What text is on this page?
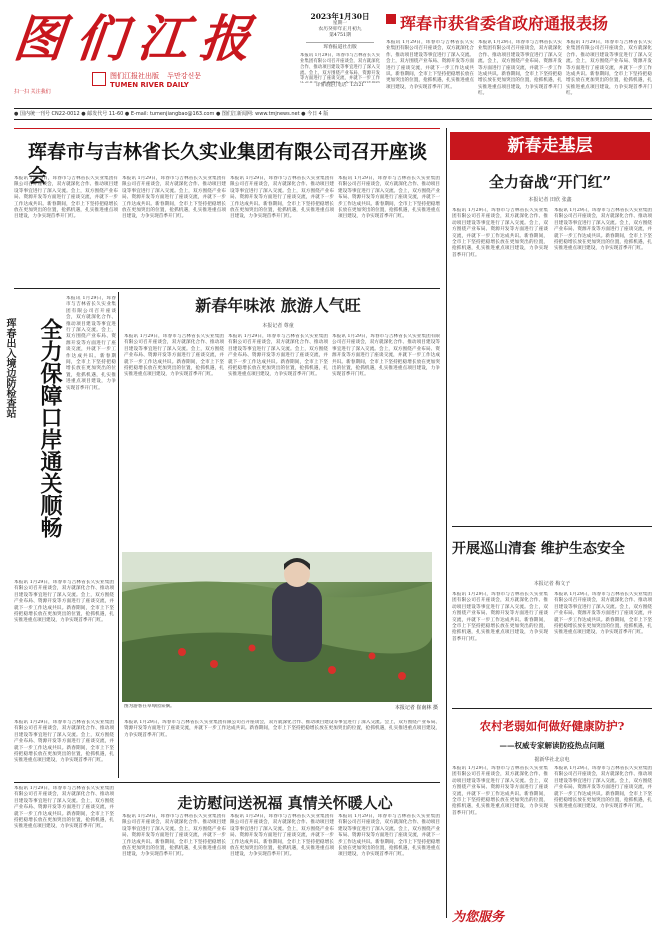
图 们 江 报
图们江报社出版 두만강신문
TUMEN RIVER DAILY
扫一扫 关注我们
2023年1月30日
星期一
农历癸卯年正月初九
第4751期
珲春报道社出版
本报讯 1月29日，珲春市与吉林省长久实业集团有限公司召开座谈会，双方就深化合作、推动项目建设等事宜进行了深入交流。会上，双方围绕产业布局、资源开发等方面进行了座谈交流，并就下一步工作
详情请拨打电话：12121
珲春市获省委省政府通报表扬
本报讯 1月29日，珲春市与吉林省长久实业集团有限公司召开座谈会，双方就深化合作、推动项目建设等事宜进行了深入交流。会上，双方围绕产业布局、资源开发等方面进行了座谈交流，并就下一步工作达成共识。新春期间，全市上下坚持把稳增长放在更加突出的位置，抢抓机遇，扎实推进重点项目建设，力争实现首季开门红。
本报讯 1月29日，珲春市与吉林省长久实业集团有限公司召开座谈会，双方就深化合作、推动项目建设等事宜进行了深入交流。会上，双方围绕产业布局、资源开发等方面进行了座谈交流，并就下一步工作达成共识。新春期间，全市上下坚持把稳增长放在更加突出的位置，抢抓机遇，扎实推进重点项目建设，力争实现首季开门红。
本报讯 1月29日，珲春市与吉林省长久实业集团有限公司召开座谈会，双方就深化合作、推动项目建设等事宜进行了深入交流。会上，双方围绕产业布局、资源开发等方面进行了座谈交流，并就下一步工作达成共识。新春期间，全市上下坚持把稳增长放在更加突出的位置，抢抓机遇，扎实推进重点项目建设，力争实现首季开门红。
● 国内统一刊号 CN22-0012 ● 邮发代号 11-60 ● E-mail: tumenjiangbao@163.com ● 图们江新闻网: www.tmjnews.net ● 今日 4 版
珲春市与吉林省长久实业集团有限公司召开座谈会
本报讯 1月29日，珲春市与吉林省长久实业集团有限公司召开座谈会，双方就深化合作、推动项目建设等事宜进行了深入交流。会上，双方围绕产业布局、资源开发等方面进行了座谈交流，并就下一步工作达成共识。新春期间，全市上下坚持把稳增长放在更加突出的位置，抢抓机遇，扎实推进重点项目建设，力争实现首季开门红。
本报讯 1月29日，珲春市与吉林省长久实业集团有限公司召开座谈会，双方就深化合作、推动项目建设等事宜进行了深入交流。会上，双方围绕产业布局、资源开发等方面进行了座谈交流，并就下一步工作达成共识。新春期间，全市上下坚持把稳增长放在更加突出的位置，抢抓机遇，扎实推进重点项目建设，力争实现首季开门红。
本报讯 1月29日，珲春市与吉林省长久实业集团有限公司召开座谈会，双方就深化合作、推动项目建设等事宜进行了深入交流。会上，双方围绕产业布局、资源开发等方面进行了座谈交流，并就下一步工作达成共识。新春期间，全市上下坚持把稳增长放在更加突出的位置，抢抓机遇，扎实推进重点项目建设，力争实现首季开门红。
本报讯 1月29日，珲春市与吉林省长久实业集团有限公司召开座谈会，双方就深化合作、推动项目建设等事宜进行了深入交流。会上，双方围绕产业布局、资源开发等方面进行了座谈交流，并就下一步工作达成共识。新春期间，全市上下坚持把稳增长放在更加突出的位置，抢抓机遇，扎实推进重点项目建设，力争实现首季开门红。
新春走基层
全力奋战“开门红”
本报记者 田欣 张鑫
本报讯 1月29日，珲春市与吉林省长久实业集团有限公司召开座谈会，双方就深化合作、推动项目建设等事宜进行了深入交流。会上，双方围绕产业布局、资源开发等方面进行了座谈交流，并就下一步工作达成共识。新春期间，全市上下坚持把稳增长放在更加突出的位置，抢抓机遇，扎实推进重点项目建设，力争实现首季开门红。
本报讯 1月29日，珲春市与吉林省长久实业集团有限公司召开座谈会，双方就深化合作、推动项目建设等事宜进行了深入交流。会上，双方围绕产业布局、资源开发等方面进行了座谈交流，并就下一步工作达成共识。新春期间，全市上下坚持把稳增长放在更加突出的位置，抢抓机遇，扎实推进重点项目建设，力争实现首季开门红。
珲春出入境边防检查站	全力保障口岸通关顺畅
本报讯 1月29日，珲春市与吉林省长久实业集团有限公司召开座谈会，双方就深化合作、推动项目建设等事宜进行了深入交流。会上，双方围绕产业布局、资源开发等方面进行了座谈交流，并就下一步工作达成共识。新春期间，全市上下坚持把稳增长放在更加突出的位置，抢抓机遇，扎实推进重点项目建设，力争实现首季开门红。
本报讯 1月29日，珲春市与吉林省长久实业集团有限公司召开座谈会，双方就深化合作、推动项目建设等事宜进行了深入交流。会上，双方围绕产业布局、资源开发等方面进行了座谈交流，并就下一步工作达成共识。新春期间，全市上下坚持把稳增长放在更加突出的位置，抢抓机遇，扎实推进重点项目建设，力争实现首季开门红。
新春年味浓 旅游人气旺
本报记者 尊童
本报讯 1月29日，珲春市与吉林省长久实业集团有限公司召开座谈会，双方就深化合作、推动项目建设等事宜进行了深入交流。会上，双方围绕产业布局、资源开发等方面进行了座谈交流，并就下一步工作达成共识。新春期间，全市上下坚持把稳增长放在更加突出的位置，抢抓机遇，扎实推进重点项目建设，力争实现首季开门红。
本报讯 1月29日，珲春市与吉林省长久实业集团有限公司召开座谈会，双方就深化合作、推动项目建设等事宜进行了深入交流。会上，双方围绕产业布局、资源开发等方面进行了座谈交流，并就下一步工作达成共识。新春期间，全市上下坚持把稳增长放在更加突出的位置，抢抓机遇，扎实推进重点项目建设，力争实现首季开门红。
本报讯 1月29日，珲春市与吉林省长久实业集团有限公司召开座谈会，双方就深化合作、推动项目建设等事宜进行了深入交流。会上，双方围绕产业布局、资源开发等方面进行了座谈交流，并就下一步工作达成共识。新春期间，全市上下坚持把稳增长放在更加突出的位置，抢抓机遇，扎实推进重点项目建设，力争实现首季开门红。
图为游客在草莓园采摘。	本报记者 崔南林 摄
本报讯 1月29日，珲春市与吉林省长久实业集团有限公司召开座谈会，双方就深化合作、推动项目建设等事宜进行了深入交流。会上，双方围绕产业布局、资源开发等方面进行了座谈交流，并就下一步工作达成共识。新春期间，全市上下坚持把稳增长放在更加突出的位置，抢抓机遇，扎实推进重点项目建设，力争实现首季开门红。
本报讯 1月29日，珲春市与吉林省长久实业集团有限公司召开座谈会，双方就深化合作、推动项目建设等事宜进行了深入交流。会上，双方围绕产业布局、资源开发等方面进行了座谈交流，并就下一步工作达成共识。新春期间，全市上下坚持把稳增长放在更加突出的位置，抢抓机遇，扎实推进重点项目建设，力争实现首季开门红。
走访慰问送祝福 真情关怀暖人心
本报讯 1月29日，珲春市与吉林省长久实业集团有限公司召开座谈会，双方就深化合作、推动项目建设等事宜进行了深入交流。会上，双方围绕产业布局、资源开发等方面进行了座谈交流，并就下一步工作达成共识。新春期间，全市上下坚持把稳增长放在更加突出的位置，抢抓机遇，扎实推进重点项目建设，力争实现首季开门红。
本报讯 1月29日，珲春市与吉林省长久实业集团有限公司召开座谈会，双方就深化合作、推动项目建设等事宜进行了深入交流。会上，双方围绕产业布局、资源开发等方面进行了座谈交流，并就下一步工作达成共识。新春期间，全市上下坚持把稳增长放在更加突出的位置，抢抓机遇，扎实推进重点项目建设，力争实现首季开门红。
本报讯 1月29日，珲春市与吉林省长久实业集团有限公司召开座谈会，双方就深化合作、推动项目建设等事宜进行了深入交流。会上，双方围绕产业布局、资源开发等方面进行了座谈交流，并就下一步工作达成共识。新春期间，全市上下坚持把稳增长放在更加突出的位置，抢抓机遇，扎实推进重点项目建设，力争实现首季开门红。
本报讯 1月29日，珲春市与吉林省长久实业集团有限公司召开座谈会，双方就深化合作、推动项目建设等事宜进行了深入交流。会上，双方围绕产业布局、资源开发等方面进行了座谈交流，并就下一步工作达成共识。新春期间，全市上下坚持把稳增长放在更加突出的位置，抢抓机遇，扎实推进重点项目建设，力争实现首季开门红。
开展巡山清套 维护生态安全
本报记者 梅文子
本报讯 1月29日，珲春市与吉林省长久实业集团有限公司召开座谈会，双方就深化合作、推动项目建设等事宜进行了深入交流。会上，双方围绕产业布局、资源开发等方面进行了座谈交流，并就下一步工作达成共识。新春期间，全市上下坚持把稳增长放在更加突出的位置，抢抓机遇，扎实推进重点项目建设，力争实现首季开门红。
本报讯 1月29日，珲春市与吉林省长久实业集团有限公司召开座谈会，双方就深化合作、推动项目建设等事宜进行了深入交流。会上，双方围绕产业布局、资源开发等方面进行了座谈交流，并就下一步工作达成共识。新春期间，全市上下坚持把稳增长放在更加突出的位置，抢抓机遇，扎实推进重点项目建设，力争实现首季开门红。
农村老弱如何做好健康防护?
——权威专家解读防疫热点问题
据新华社北京电
本报讯 1月29日，珲春市与吉林省长久实业集团有限公司召开座谈会，双方就深化合作、推动项目建设等事宜进行了深入交流。会上，双方围绕产业布局、资源开发等方面进行了座谈交流，并就下一步工作达成共识。新春期间，全市上下坚持把稳增长放在更加突出的位置，抢抓机遇，扎实推进重点项目建设，力争实现首季开门红。
本报讯 1月29日，珲春市与吉林省长久实业集团有限公司召开座谈会，双方就深化合作、推动项目建设等事宜进行了深入交流。会上，双方围绕产业布局、资源开发等方面进行了座谈交流，并就下一步工作达成共识。新春期间，全市上下坚持把稳增长放在更加突出的位置，抢抓机遇，扎实推进重点项目建设，力争实现首季开门红。
为您服务
